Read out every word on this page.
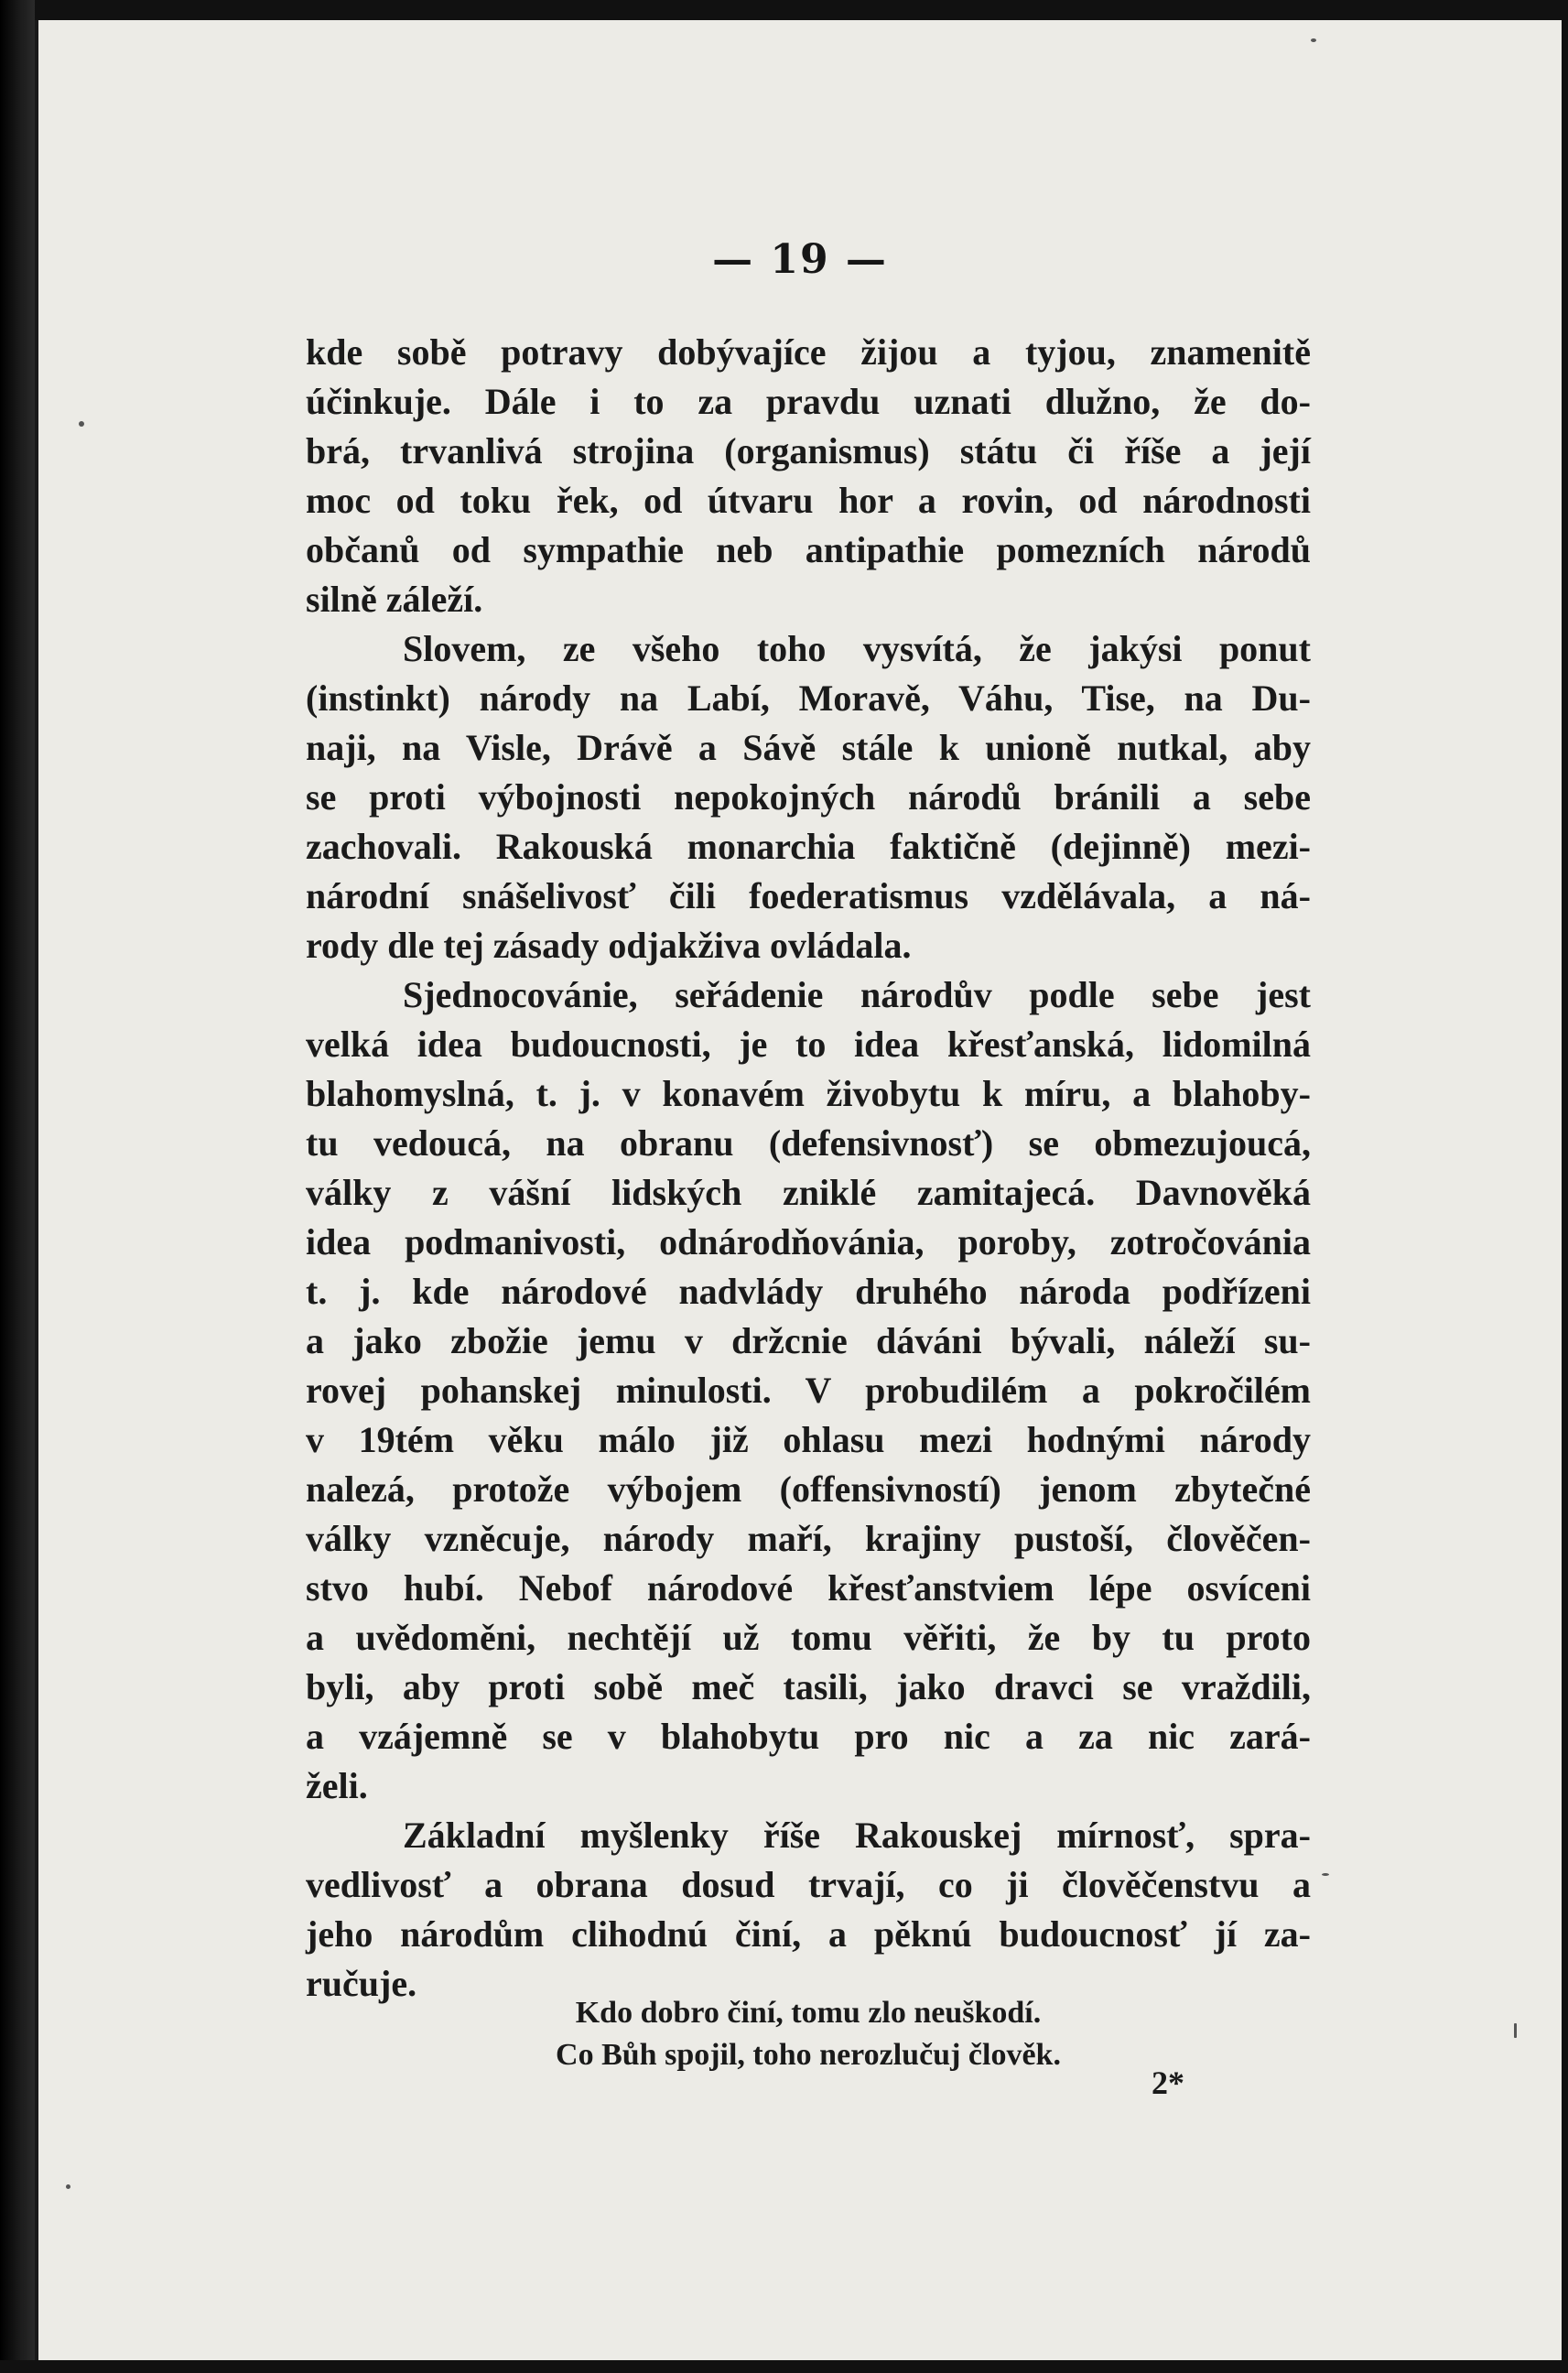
— 19 —
kde sobě potravy dobývajíce žijou a tyjou, znamenitě
účinkuje. Dále i to za pravdu uznati dlužno, že do-
brá, trvanlivá strojina (organismus) státu či říše a její
moc od toku řek, od útvaru hor a rovin, od národnosti
občanů od sympathie neb antipathie pomezních národů
silně záleží.
Slovem, ze všeho toho vysvítá, že jakýsi ponut
(instinkt) národy na Labí, Moravě, Váhu, Tise, na Du-
naji, na Visle, Drávě a Sávě stále k unioně nutkal, aby
se proti výbojnosti nepokojných národů bránili a sebe
zachovali. Rakouská monarchia faktičně (dejinně) mezi-
národní snášelivosť čili foederatismus vzdělávala, a ná-
rody dle tej zásady odjakživa ovládala.
Sjednocovánie, seřádenie národův podle sebe jest
velká idea budoucnosti, je to idea křesťanská, lidomilná
blahomyslná, t. j. v konavém živobytu k míru, a blahoby-
tu vedoucá, na obranu (defensivnosť) se obmezujoucá,
války z vášní lidských zniklé zamitajecá. Davnověká
idea podmanivosti, odnárodňovánia, poroby, zotročovánia
t. j. kde národové nadvlády druhého národa podřízeni
a jako zbožie jemu v držcnie dáváni bývali, náleží su-
rovej pohanskej minulosti. V probudilém a pokročilém
v 19tém věku málo již ohlasu mezi hodnými národy
nalezá, protože výbojem (offensivností) jenom zbytečné
války vzněcuje, národy maří, krajiny pustoší, člověčen-
stvo hubí. Nebof národové křesťanstviem lépe osvíceni
a uvědoměni, nechtějí už tomu věřiti, že by tu proto
byli, aby proti sobě meč tasili, jako dravci se vraždili,
a vzájemně se v blahobytu pro nic a za nic zará-
želi.
Základní myšlenky říše Rakouskej mírnosť, spra-
vedlivosť a obrana dosud trvají, co ji člověčenstvu a
jeho národům clihodnú činí, a pěknú budoucnosť jí za-
ručuje.
Kdo dobro činí, tomu zlo neuškodí.
Co Bůh spojil, toho nerozlučuj člověk.
2*
